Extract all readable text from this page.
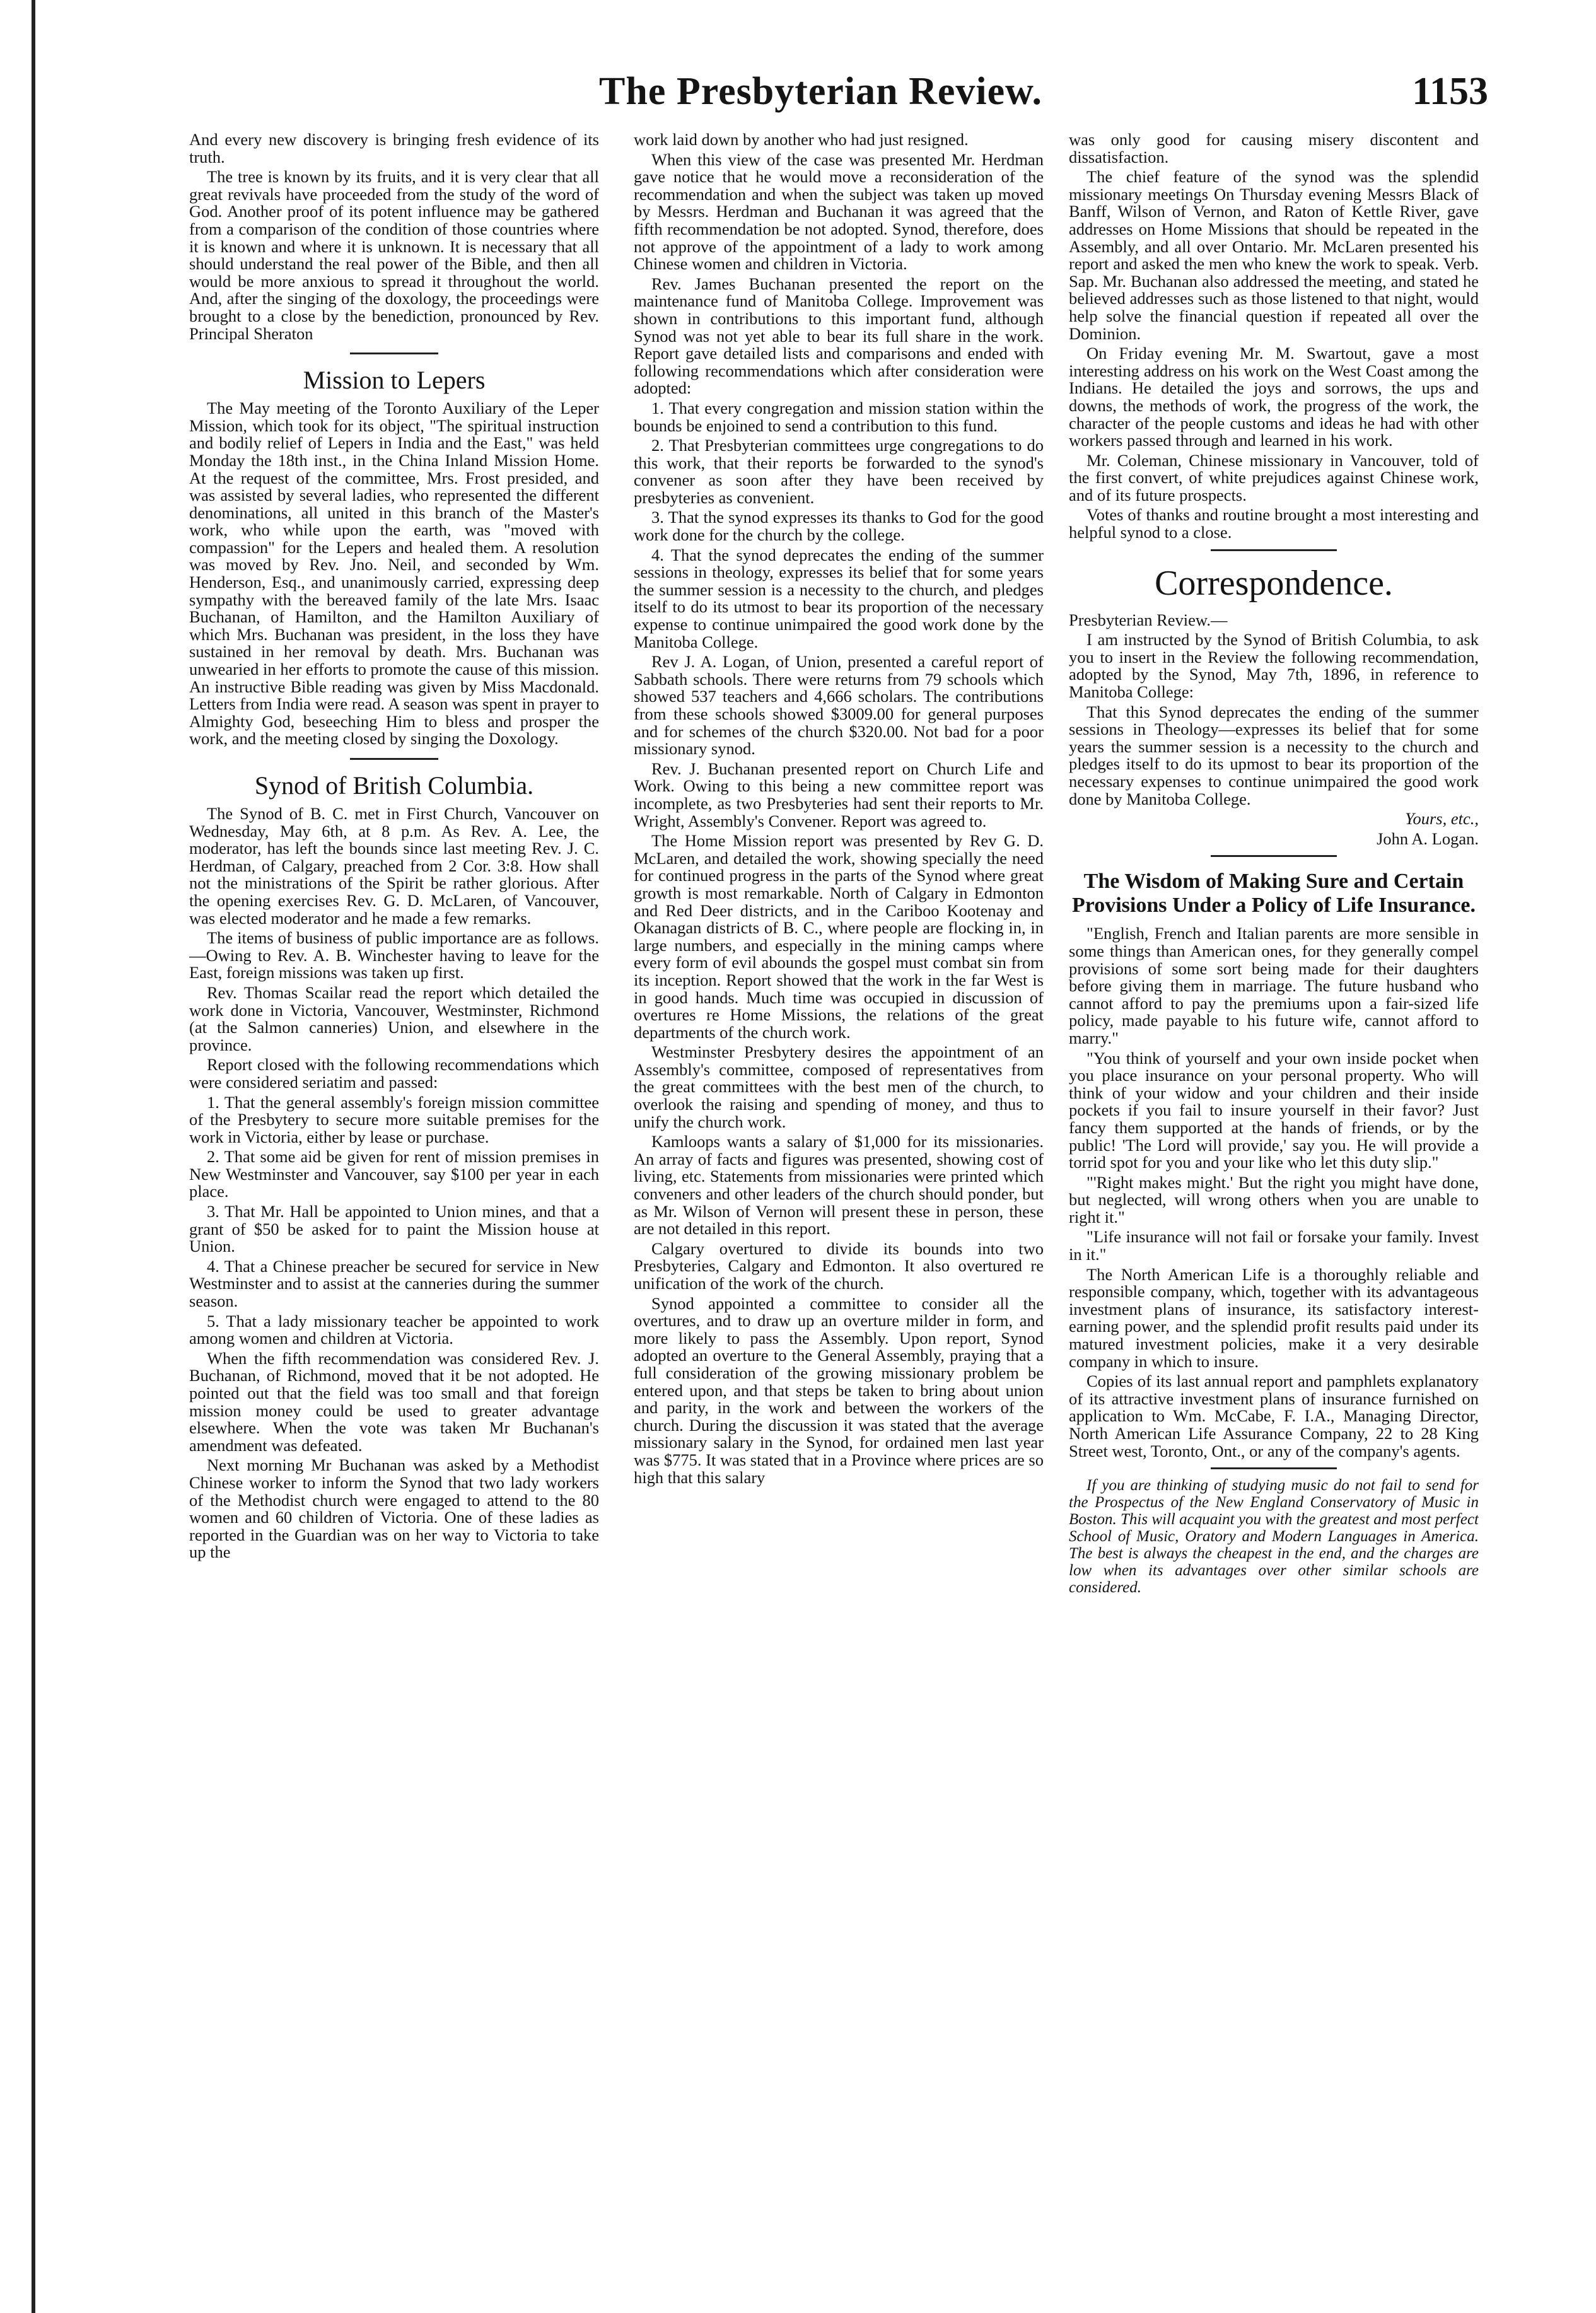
The Presbyterian Review.	1153

And every new discovery is bringing fresh evidence of its truth.

The tree is known by its fruits, and it is very clear that all great revivals have proceeded from the study of the word of God. Another proof of its potent influence may be gathered from a comparison of the condition of those countries where it is known and where it is unknown. It is necessary that all should understand the real power of the Bible, and then all would be more anxious to spread it throughout the world. And, after the singing of the doxology, the proceedings were brought to a close by the benediction, pronounced by Rev. Principal Sheraton

Mission to Lepers

The May meeting of the Toronto Auxiliary of the Leper Mission, which took for its object, "The spiritual instruction and bodily relief of Lepers in India and the East," was held Monday the 18th inst., in the China Inland Mission Home. At the request of the committee, Mrs. Frost presided, and was assisted by several ladies, who represented the different denominations, all united in this branch of the Master's work, who while upon the earth, was "moved with compassion" for the Lepers and healed them. A resolution was moved by Rev. Jno. Neil, and seconded by Wm. Henderson, Esq., and unanimously carried, expressing deep sympathy with the bereaved family of the late Mrs. Isaac Buchanan, of Hamilton, and the Hamilton Auxiliary of which Mrs. Buchanan was president, in the loss they have sustained in her removal by death. Mrs. Buchanan was unwearied in her efforts to promote the cause of this mission. An instructive Bible reading was given by Miss Macdonald. Letters from India were read. A season was spent in prayer to Almighty God, beseeching Him to bless and prosper the work, and the meeting closed by singing the Doxology.

Synod of British Columbia.

The Synod of B. C. met in First Church, Vancouver on Wednesday, May 6th, at 8 p.m. As Rev. A. Lee, the moderator, has left the bounds since last meeting Rev. J. C. Herdman, of Calgary, preached from 2 Cor. 3:8. How shall not the ministrations of the Spirit be rather glorious. After the opening exercises Rev. G. D. McLaren, of Vancouver, was elected moderator and he made a few remarks.

The items of business of public importance are as follows.—Owing to Rev. A. B. Winchester having to leave for the East, foreign missions was taken up first.

Rev. Thomas Scailar read the report which detailed the work done in Victoria, Vancouver, Westminster, Richmond (at the Salmon canneries) Union, and elsewhere in the province.

Report closed with the following recommendations which were considered seriatim and passed:

1. That the general assembly's foreign mission committee of the Presbytery to secure more suitable premises for the work in Victoria, either by lease or purchase.

2. That some aid be given for rent of mission premises in New Westminster and Vancouver, say $100 per year in each place.

3. That Mr. Hall be appointed to Union mines, and that a grant of $50 be asked for to paint the Mission house at Union.

4. That a Chinese preacher be secured for service in New Westminster and to assist at the canneries during the summer season.

5. That a lady missionary teacher be appointed to work among women and children at Victoria.

When the fifth recommendation was considered Rev. J. Buchanan, of Richmond, moved that it be not adopted. He pointed out that the field was too small and that foreign mission money could be used to greater advantage elsewhere. When the vote was taken Mr Buchanan's amendment was defeated.

Next morning Mr Buchanan was asked by a Methodist Chinese worker to inform the Synod that two lady workers of the Methodist church were engaged to attend to the 80 women and 60 children of Victoria. One of these ladies as reported in the Guardian was on her way to Victoria to take up the

work laid down by another who had just resigned.

When this view of the case was presented Mr. Herdman gave notice that he would move a reconsideration of the recommendation and when the subject was taken up moved by Messrs. Herdman and Buchanan it was agreed that the fifth recommendation be not adopted. Synod, therefore, does not approve of the appointment of a lady to work among Chinese women and children in Victoria.

Rev. James Buchanan presented the report on the maintenance fund of Manitoba College. Improvement was shown in contributions to this important fund, although Synod was not yet able to bear its full share in the work. Report gave detailed lists and comparisons and ended with following recommendations which after consideration were adopted:

1. That every congregation and mission station within the bounds be enjoined to send a contribution to this fund.

2. That Presbyterian committees urge congregations to do this work, that their reports be forwarded to the synod's convener as soon after they have been received by presbyteries as convenient.

3. That the synod expresses its thanks to God for the good work done for the church by the college.

4. That the synod deprecates the ending of the summer sessions in theology, expresses its belief that for some years the summer session is a necessity to the church, and pledges itself to do its utmost to bear its proportion of the necessary expense to continue unimpaired the good work done by the Manitoba College.

Rev J. A. Logan, of Union, presented a careful report of Sabbath schools. There were returns from 79 schools which showed 537 teachers and 4,666 scholars. The contributions from these schools showed $3009.00 for general purposes and for schemes of the church $320.00. Not bad for a poor missionary synod.

Rev. J. Buchanan presented report on Church Life and Work. Owing to this being a new committee report was incomplete, as two Presbyteries had sent their reports to Mr. Wright, Assembly's Convener. Report was agreed to.

The Home Mission report was presented by Rev G. D. McLaren, and detailed the work, showing specially the need for continued progress in the parts of the Synod where great growth is most remarkable. North of Calgary in Edmonton and Red Deer districts, and in the Cariboo Kootenay and Okanagan districts of B. C., where people are flocking in, in large numbers, and especially in the mining camps where every form of evil abounds the gospel must combat sin from its inception. Report showed that the work in the far West is in good hands. Much time was occupied in discussion of overtures re Home Missions, the relations of the great departments of the church work.

Westminster Presbytery desires the appointment of an Assembly's committee, composed of representatives from the great committees with the best men of the church, to overlook the raising and spending of money, and thus to unify the church work.

Kamloops wants a salary of $1,000 for its missionaries. An array of facts and figures was presented, showing cost of living, etc. Statements from missionaries were printed which conveners and other leaders of the church should ponder, but as Mr. Wilson of Vernon will present these in person, these are not detailed in this report.

Calgary overtured to divide its bounds into two Presbyteries, Calgary and Edmonton. It also overtured re unification of the work of the church.

Synod appointed a committee to consider all the overtures, and to draw up an overture milder in form, and more likely to pass the Assembly. Upon report, Synod adopted an overture to the General Assembly, praying that a full consideration of the growing missionary problem be entered upon, and that steps be taken to bring about union and parity, in the work and between the workers of the church. During the discussion it was stated that the average missionary salary in the Synod, for ordained men last year was $775. It was stated that in a Province where prices are so high that this salary

was only good for causing misery discontent and dissatisfaction.

The chief feature of the synod was the splendid missionary meetings On Thursday evening Messrs Black of Banff, Wilson of Vernon, and Raton of Kettle River, gave addresses on Home Missions that should be repeated in the Assembly, and all over Ontario. Mr. McLaren presented his report and asked the men who knew the work to speak. Verb. Sap. Mr. Buchanan also addressed the meeting, and stated he believed addresses such as those listened to that night, would help solve the financial question if repeated all over the Dominion.

On Friday evening Mr. M. Swartout, gave a most interesting address on his work on the West Coast among the Indians. He detailed the joys and sorrows, the ups and downs, the methods of work, the progress of the work, the character of the people customs and ideas he had with other workers passed through and learned in his work.

Mr. Coleman, Chinese missionary in Vancouver, told of the first convert, of white prejudices against Chinese work, and of its future prospects.

Votes of thanks and routine brought a most interesting and helpful synod to a close.

Correspondence.

Presbyterian Review.—

I am instructed by the Synod of British Columbia, to ask you to insert in the Review the following recommendation, adopted by the Synod, May 7th, 1896, in reference to Manitoba College:

That this Synod deprecates the ending of the summer sessions in Theology—expresses its belief that for some years the summer session is a necessity to the church and pledges itself to do its upmost to bear its proportion of the necessary expenses to continue unimpaired the good work done by Manitoba College.

Yours, etc.,

John A. Logan.

The Wisdom of Making Sure and Certain Provisions Under a Policy of Life Insurance.

"English, French and Italian parents are more sensible in some things than American ones, for they generally compel provisions of some sort being made for their daughters before giving them in marriage. The future husband who cannot afford to pay the premiums upon a fair-sized life policy, made payable to his future wife, cannot afford to marry."

"You think of yourself and your own inside pocket when you place insurance on your personal property. Who will think of your widow and your children and their inside pockets if you fail to insure yourself in their favor? Just fancy them supported at the hands of friends, or by the public! 'The Lord will provide,' say you. He will provide a torrid spot for you and your like who let this duty slip."

"'Right makes might.' But the right you might have done, but neglected, will wrong others when you are unable to right it."

"Life insurance will not fail or forsake your family. Invest in it."

The North American Life is a thoroughly reliable and responsible company, which, together with its advantageous investment plans of insurance, its satisfactory interest-earning power, and the splendid profit results paid under its matured investment policies, make it a very desirable company in which to insure.

Copies of its last annual report and pamphlets explanatory of its attractive investment plans of insurance furnished on application to Wm. McCabe, F. I.A., Managing Director, North American Life Assurance Company, 22 to 28 King Street west, Toronto, Ont., or any of the company's agents.

If you are thinking of studying music do not fail to send for the Prospectus of the New England Conservatory of Music in Boston. This will acquaint you with the greatest and most perfect School of Music, Oratory and Modern Languages in America. The best is always the cheapest in the end, and the charges are low when its advantages over other similar schools are considered.
